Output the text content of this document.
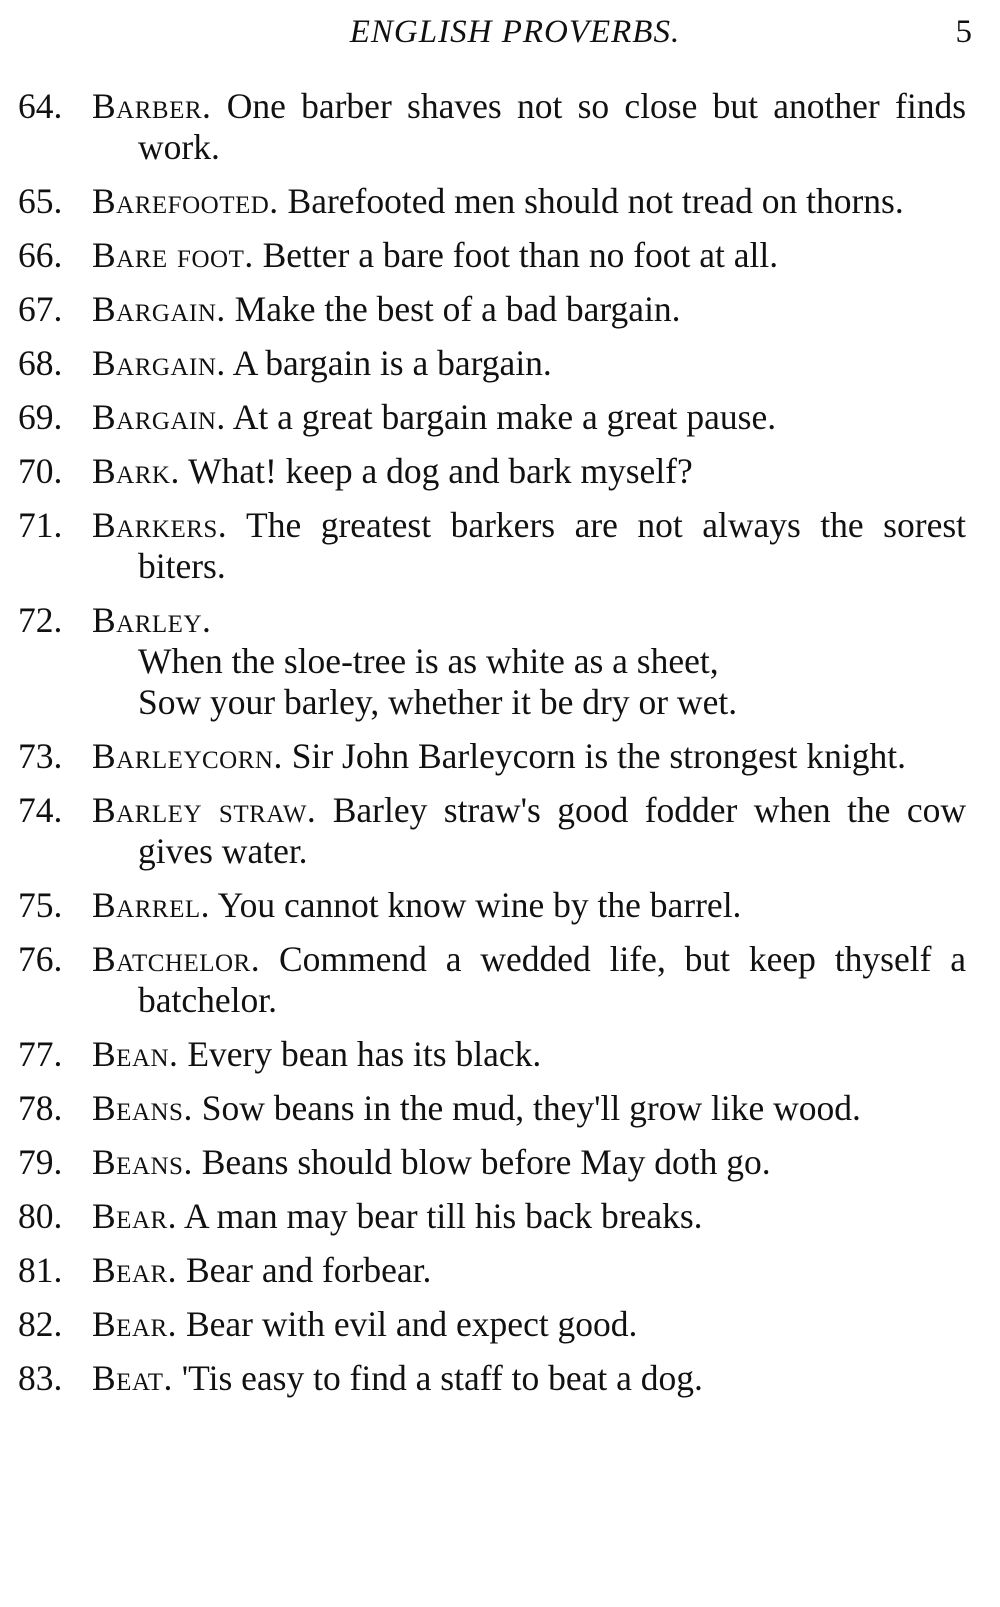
ENGLISH PROVERBS.	5
64. Barber. One barber shaves not so close but another finds work.
65. Barefooted. Barefooted men should not tread on thorns.
66. Bare foot. Better a bare foot than no foot at all.
67. Bargain. Make the best of a bad bargain.
68. Bargain. A bargain is a bargain.
69. Bargain. At a great bargain make a great pause.
70. Bark. What! keep a dog and bark myself?
71. Barkers. The greatest barkers are not always the sorest biters.
72. Barley.
When the sloe-tree is as white as a sheet,
Sow your barley, whether it be dry or wet.
73. Barleycorn. Sir John Barleycorn is the strongest knight.
74. Barley straw. Barley straw's good fodder when the cow gives water.
75. Barrel. You cannot know wine by the barrel.
76. Batchelor. Commend a wedded life, but keep thyself a batchelor.
77. Bean. Every bean has its black.
78. Beans. Sow beans in the mud, they'll grow like wood.
79. Beans. Beans should blow before May doth go.
80. Bear. A man may bear till his back breaks.
81. Bear. Bear and forbear.
82. Bear. Bear with evil and expect good.
83. Beat. 'Tis easy to find a staff to beat a dog.
